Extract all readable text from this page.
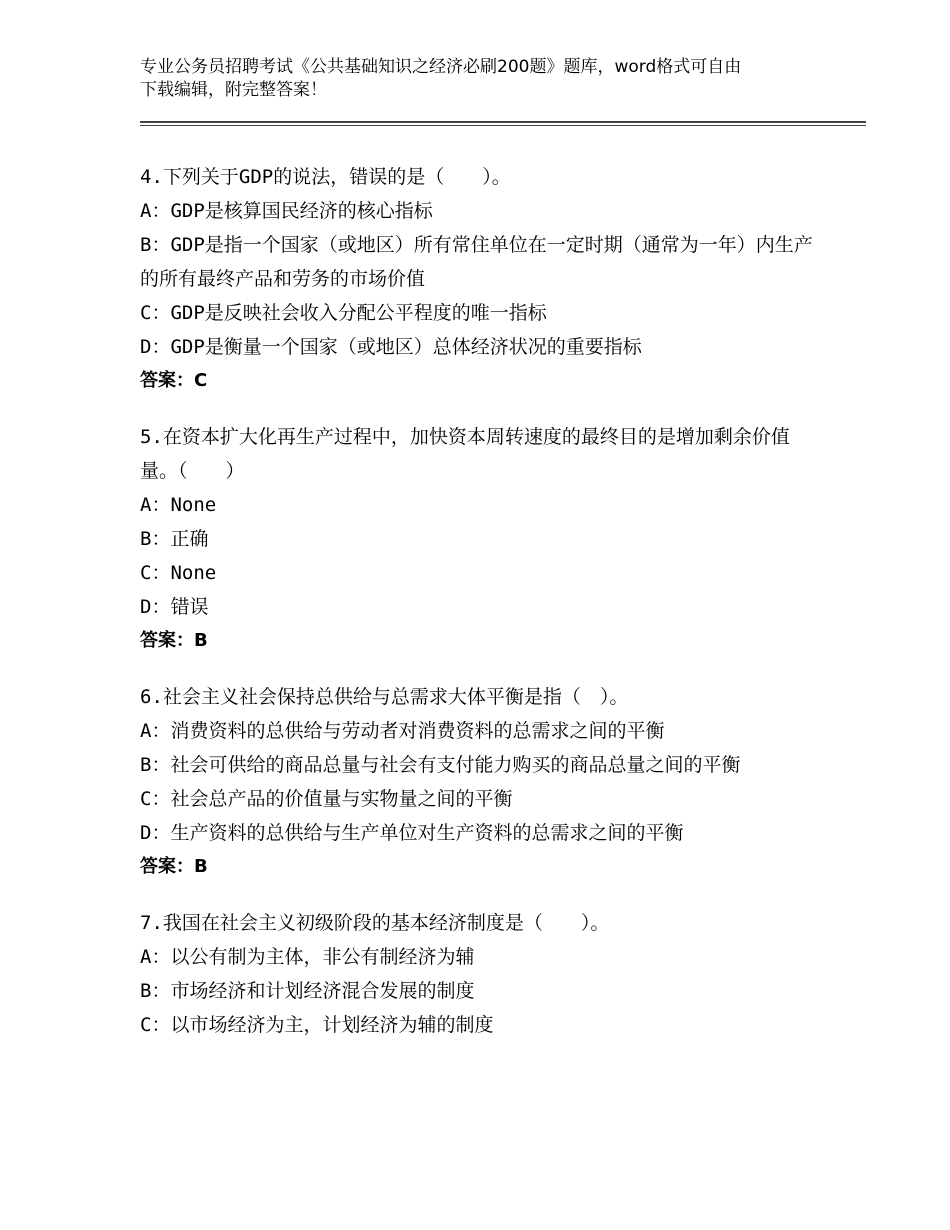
专业公务员招聘考试《公共基础知识之经济必刷200题》题库，word格式可自由
下载编辑，附完整答案！

4.下列关于GDP的说法，错误的是（　　）。

A：GDP是核算国民经济的核心指标

B：GDP是指一个国家（或地区）所有常住单位在一定时期（通常为一年）内生产的所有最终产品和劳务的市场价值

C：GDP是反映社会收入分配公平程度的唯一指标

D：GDP是衡量一个国家（或地区）总体经济状况的重要指标

答案：C

5.在资本扩大化再生产过程中，加快资本周转速度的最终目的是增加剩余价值量。（　　）

A：None

B：正确

C：None

D：错误

答案：B

6.社会主义社会保持总供给与总需求大体平衡是指（　）。

A：消费资料的总供给与劳动者对消费资料的总需求之间的平衡

B：社会可供给的商品总量与社会有支付能力购买的商品总量之间的平衡

C：社会总产品的价值量与实物量之间的平衡

D：生产资料的总供给与生产单位对生产资料的总需求之间的平衡

答案：B

7.我国在社会主义初级阶段的基本经济制度是（　　）。

A：以公有制为主体，非公有制经济为辅

B：市场经济和计划经济混合发展的制度

C：以市场经济为主，计划经济为辅的制度
